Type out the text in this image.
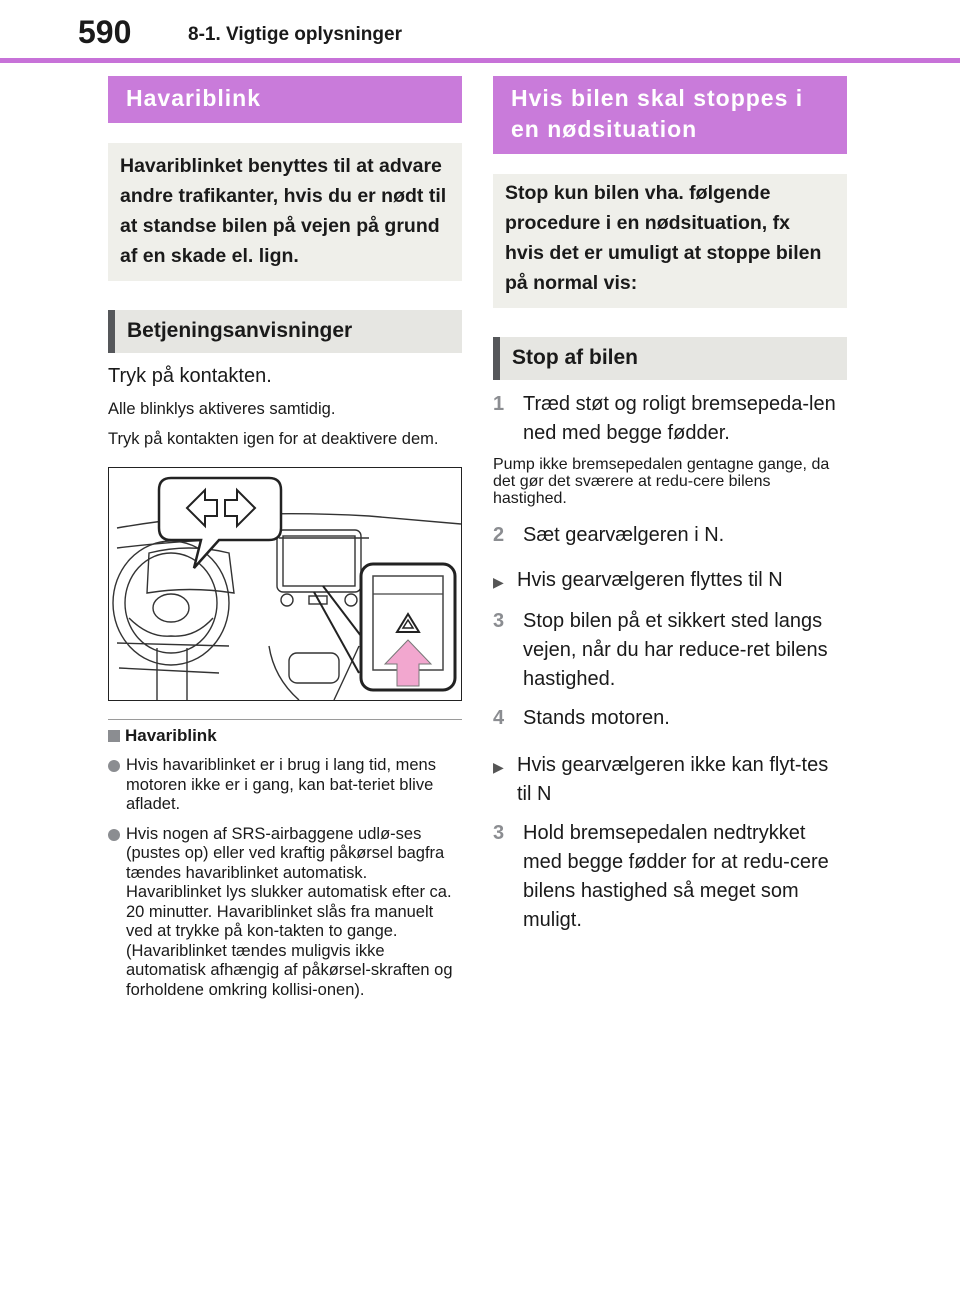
590	8-1. Vigtige oplysninger
Havariblink
Havariblinket benyttes til at advare andre trafikanter, hvis du er nødt til at standse bilen på vejen på grund af en skade el. lign.
Betjeningsanvisninger

Tryk på kontakten.

Alle blinklys aktiveres samtidig.

Tryk på kontakten igen for at deaktivere dem.

Havariblink
Hvis havariblinket er i brug i lang tid, mens motoren ikke er i gang, kan bat-teriet blive afladet.
Hvis nogen af SRS-airbaggene udlø-ses (pustes op) eller ved kraftig påkørsel bagfra tændes havariblinket automatisk.
Havariblinket lys slukker automatisk efter ca. 20 minutter. Havariblinket slås fra manuelt ved at trykke på kon-takten to gange.
(Havariblinket tændes muligvis ikke automatisk afhængig af påkørsel-skraften og forholdene omkring kollisi-onen).
Hvis bilen skal stoppes i en nødsituation
Stop kun bilen vha. følgende procedure i en nødsituation, fx hvis det er umuligt at stoppe bilen på normal vis:
Stop af bilen
1 Træd støt og roligt bremsepeda-len ned med begge fødder.

Pump ikke bremsepedalen gentagne gange, da det gør det sværere at redu-cere bilens hastighed.

2 Sæt gearvælgeren i N.
▶ Hvis gearvælgeren flyttes til N
3 Stop bilen på et sikkert sted langs vejen, når du har reduce-ret bilens hastighed.
4 Stands motoren.
▶ Hvis gearvælgeren ikke kan flyt-tes til N
3 Hold bremsepedalen nedtrykket med begge fødder for at redu-cere bilens hastighed så meget som muligt.
